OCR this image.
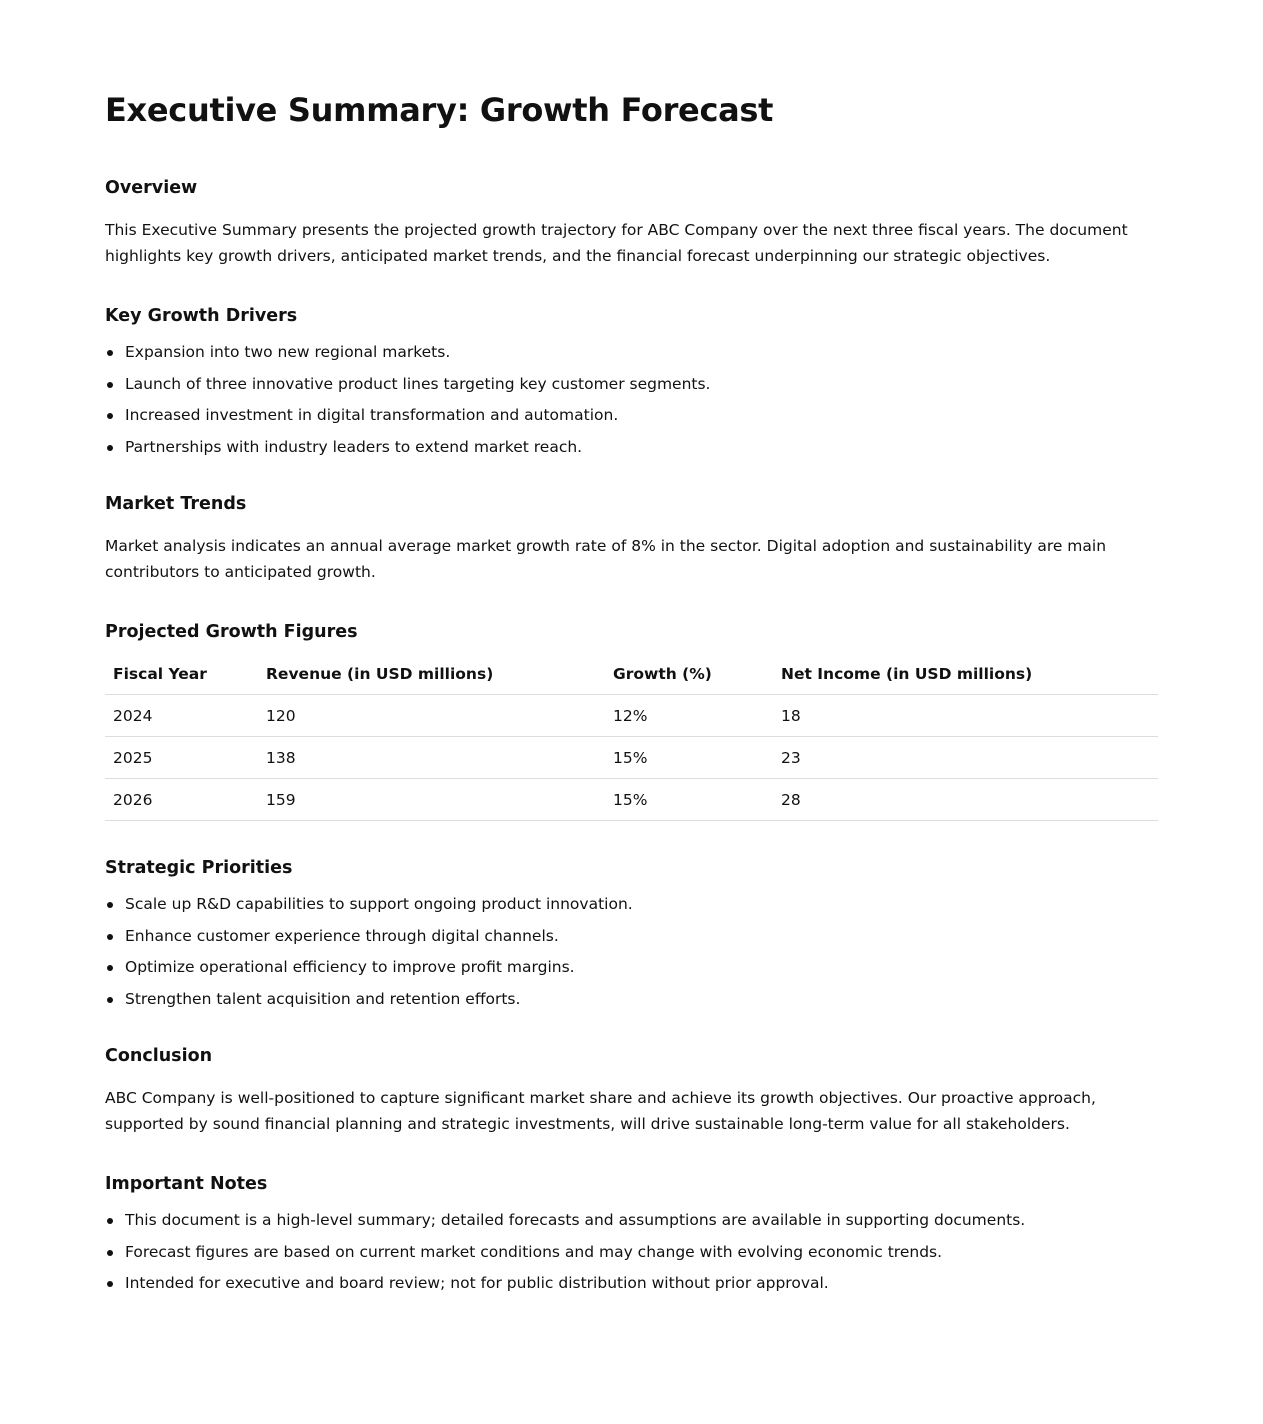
Executive Summary: Growth Forecast
Overview

This Executive Summary presents the projected growth trajectory for ABC Company over the next three fiscal years. The document highlights key growth drivers, anticipated market trends, and the financial forecast underpinning our strategic objectives.

Key Growth Drivers
Expansion into two new regional markets.
Launch of three innovative product lines targeting key customer segments.
Increased investment in digital transformation and automation.
Partnerships with industry leaders to extend market reach.
Market Trends

Market analysis indicates an annual average market growth rate of 8% in the sector. Digital adoption and sustainability are main contributors to anticipated growth.

Projected Growth Figures
Fiscal Year	Revenue (in USD millions)	Growth (%)	Net Income (in USD millions)
2024	120	12%	18
2025	138	15%	23
2026	159	15%	28
Strategic Priorities
Scale up R&D capabilities to support ongoing product innovation.
Enhance customer experience through digital channels.
Optimize operational efficiency to improve profit margins.
Strengthen talent acquisition and retention efforts.
Conclusion

ABC Company is well-positioned to capture significant market share and achieve its growth objectives. Our proactive approach, supported by sound financial planning and strategic investments, will drive sustainable long-term value for all stakeholders.

Important Notes
This document is a high-level summary; detailed forecasts and assumptions are available in supporting documents.
Forecast figures are based on current market conditions and may change with evolving economic trends.
Intended for executive and board review; not for public distribution without prior approval.
